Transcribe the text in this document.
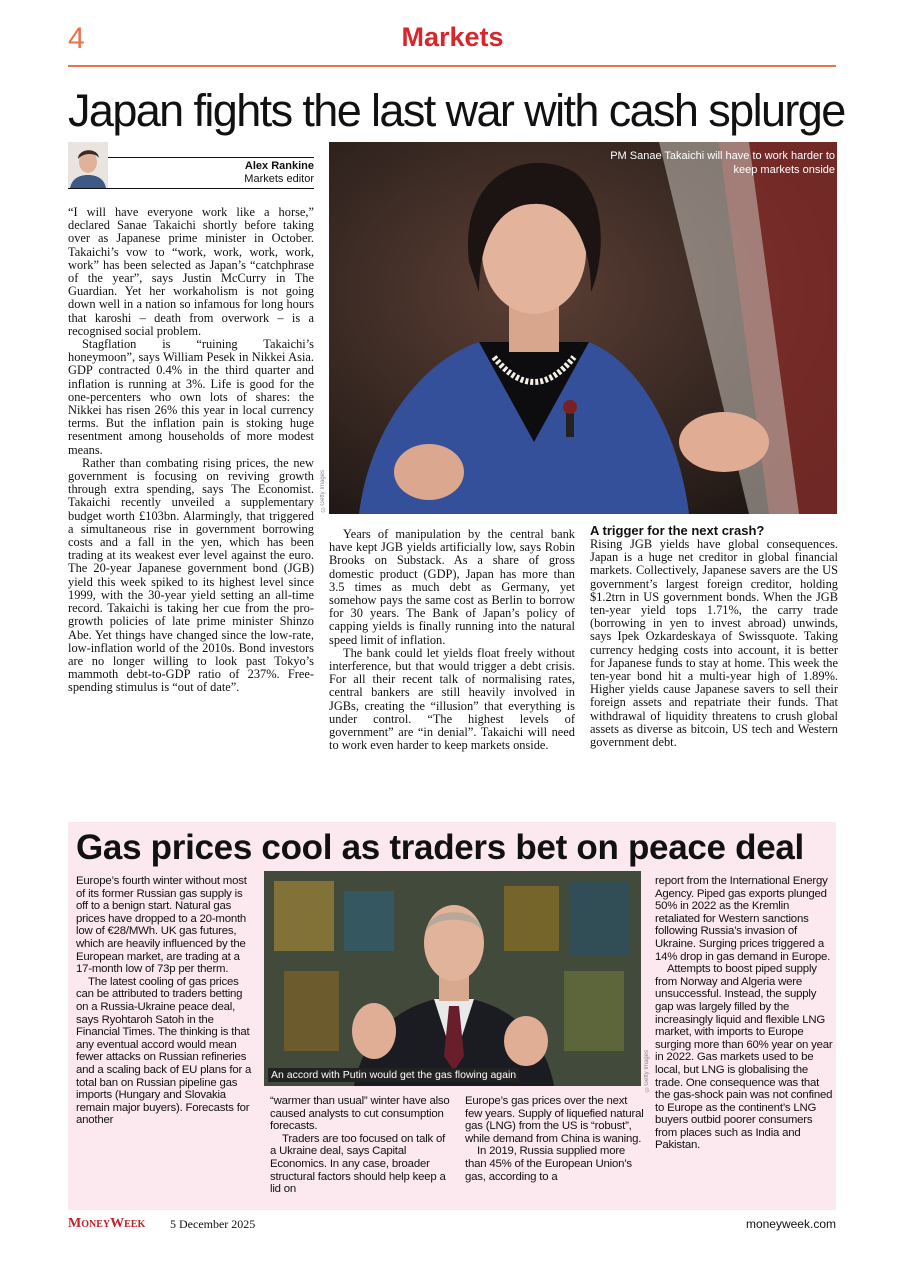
4	Markets
Japan fights the last war with cash splurge
Alex Rankine
Markets editor
PM Sanae Takaichi will have to work harder to keep markets onside
©Getty Images

“I will have everyone work like a horse,” declared Sanae Takaichi shortly before taking over as Japanese prime minister in October. Takaichi’s vow to “work, work, work, work, work” has been selected as Japan’s “catchphrase of the year”, says Justin McCurry in The Guardian. Yet her workaholism is not going down well in a nation so infamous for long hours that karoshi – death from overwork – is a recognised social problem.

Stagflation is “ruining Takaichi’s honeymoon”, says William Pesek in Nikkei Asia. GDP contracted 0.4% in the third quarter and inflation is running at 3%. Life is good for the one-percenters who own lots of shares: the Nikkei has risen 26% this year in local currency terms. But the inflation pain is stoking huge resentment among households of more modest means.

Rather than combating rising prices, the new government is focusing on reviving growth through extra spending, says The Economist. Takaichi recently unveiled a supplementary budget worth £103bn. Alarmingly, that triggered a simultaneous rise in government borrowing costs and a fall in the yen, which has been trading at its weakest ever level against the euro. The 20-year Japanese government bond (JGB) yield this week spiked to its highest level since 1999, with the 30-year yield setting an all-time record. Takaichi is taking her cue from the pro-growth policies of late prime minister Shinzo Abe. Yet things have changed since the low-rate, low-inflation world of the 2010s. Bond investors are no longer willing to look past Tokyo’s mammoth debt-to-GDP ratio of 237%. Free-spending stimulus is “out of date”.

Years of manipulation by the central bank have kept JGB yields artificially low, says Robin Brooks on Substack. As a share of gross domestic product (GDP), Japan has more than 3.5 times as much debt as Germany, yet somehow pays the same cost as Berlin to borrow for 30 years. The Bank of Japan’s policy of capping yields is finally running into the natural speed limit of inflation.

The bank could let yields float freely without interference, but that would trigger a debt crisis. For all their recent talk of normalising rates, central bankers are still heavily involved in JGBs, creating the “illusion” that everything is under control. “The highest levels of government” are “in denial”. Takaichi will need to work even harder to keep markets onside.

A trigger for the next crash?

Rising JGB yields have global consequences. Japan is a huge net creditor in global financial markets. Collectively, Japanese savers are the US government’s largest foreign creditor, holding $1.2trn in US government bonds. When the JGB ten-year yield tops 1.71%, the carry trade (borrowing in yen to invest abroad) unwinds, says Ipek Ozkardeskaya of Swissquote. Taking currency hedging costs into account, it is better for Japanese funds to stay at home. This week the ten-year bond hit a multi-year high of 1.89%. Higher yields cause Japanese savers to sell their foreign assets and repatriate their funds. That withdrawal of liquidity threatens to crush global assets as diverse as bitcoin, US tech and Western government debt.

Gas prices cool as traders bet on peace deal
An accord with Putin would get the gas flowing again	©Getty Images

Europe’s fourth winter without most of its former Russian gas supply is off to a benign start. Natural gas prices have dropped to a 20-month low of €28/MWh. UK gas futures, which are heavily influenced by the European market, are trading at a 17-month low of 73p per therm.

The latest cooling of gas prices can be attributed to traders betting on a Russia-Ukraine peace deal, says Ryohtaroh Satoh in the Financial Times. The thinking is that any eventual accord would mean fewer attacks on Russian refineries and a scaling back of EU plans for a total ban on Russian pipeline gas imports (Hungary and Slovakia remain major buyers). Forecasts for another

“warmer than usual” winter have also caused analysts to cut consumption forecasts.

Traders are too focused on talk of a Ukraine deal, says Capital Economics. In any case, broader structural factors should help keep a lid on

Europe’s gas prices over the next few years. Supply of liquefied natural gas (LNG) from the US is “robust”, while demand from China is waning.

In 2019, Russia supplied more than 45% of the European Union’s gas, according to a

report from the International Energy Agency. Piped gas exports plunged 50% in 2022 as the Kremlin retaliated for Western sanctions following Russia’s invasion of Ukraine. Surging prices triggered a 14% drop in gas demand in Europe.

Attempts to boost piped supply from Norway and Algeria were unsuccessful. Instead, the supply gap was largely filled by the increasingly liquid and flexible LNG market, with imports to Europe surging more than 60% year on year in 2022. Gas markets used to be local, but LNG is globalising the trade. One consequence was that the gas-shock pain was not confined to Europe as the continent’s LNG buyers outbid poorer consumers from places such as India and Pakistan.

MoneyWeek 5 December 2025	moneyweek.com
